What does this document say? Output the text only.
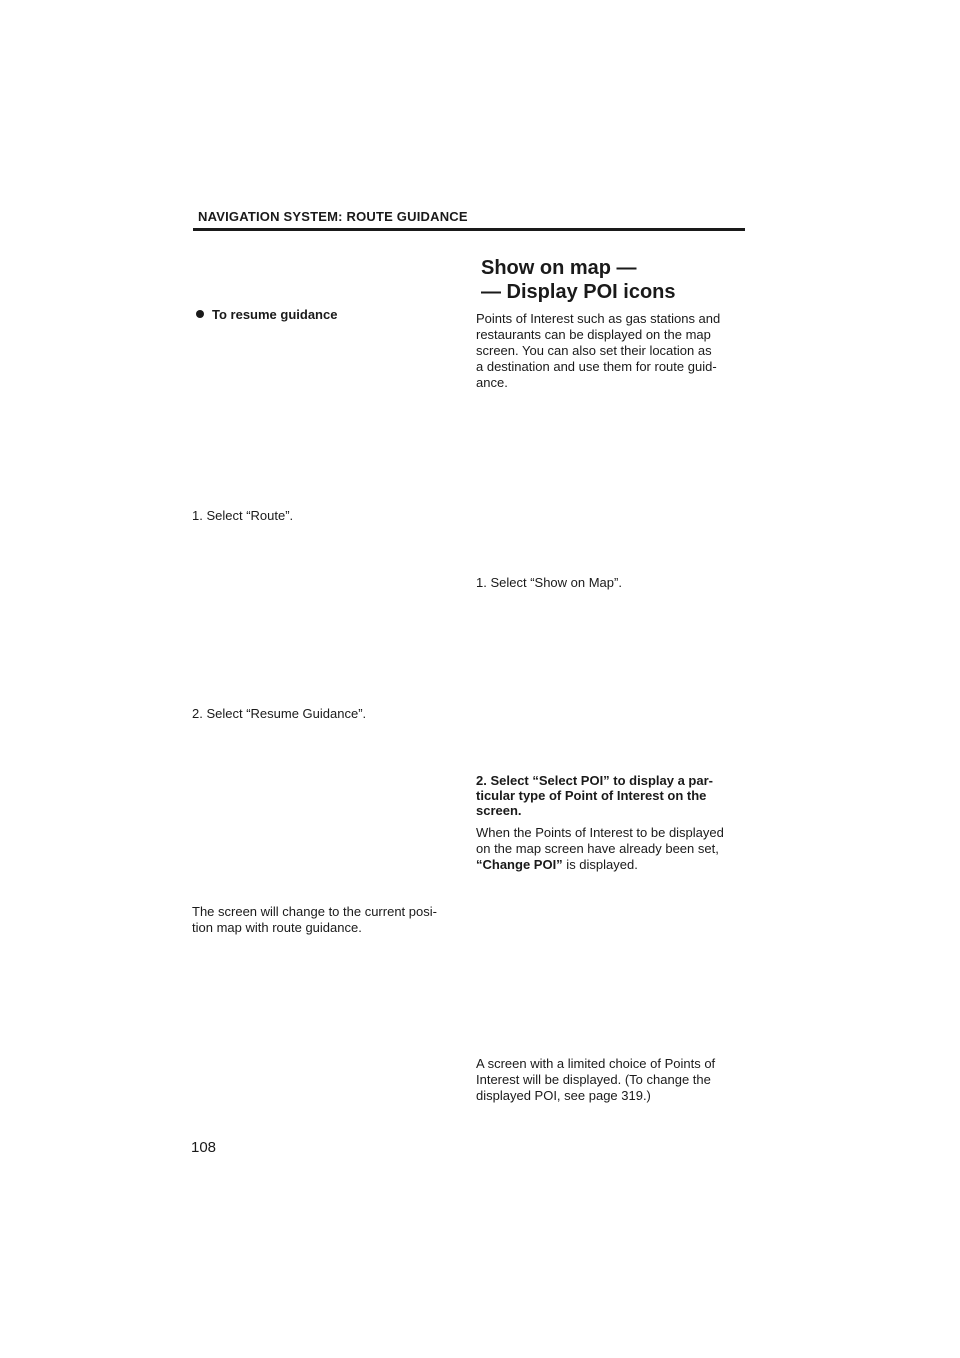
NAVIGATION SYSTEM: ROUTE GUIDANCE
Show on map —
— Display POI icons
To resume guidance
1. Select “Route”.
2. Select “Resume Guidance”.
The screen will change to the current posi-
tion map with route guidance.
Points of Interest such as gas stations and
restaurants can be displayed on the map
screen. You can also set their location as
a destination and use them for route guid-
ance.
1. Select “Show on Map”.
2. Select “Select POI” to display a par-
ticular type of Point of Interest on the
screen.
When the Points of Interest to be displayed
on the map screen have already been set,
“Change POI” is displayed.
A screen with a limited choice of Points of
Interest will be displayed. (To change the
displayed POI, see page 319.)
108
